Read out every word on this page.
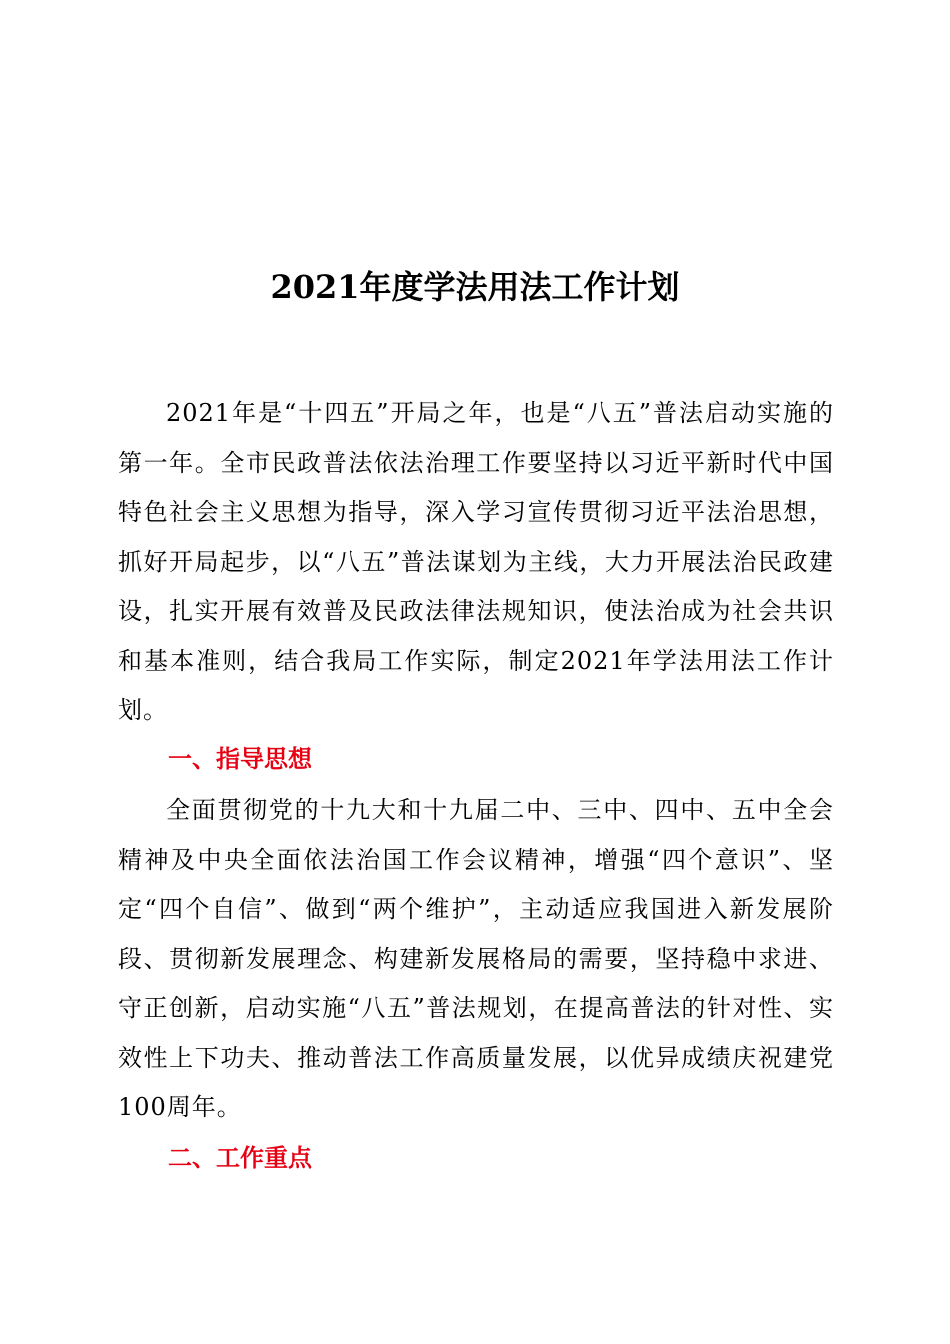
2021年度学法用法工作计划

2021年是“十四五”开局之年，也是“八五”普法启动实施的第一年。全市民政普法依法治理工作要坚持以习近平新时代中国特色社会主义思想为指导，深入学习宣传贯彻习近平法治思想，抓好开局起步，以“八五”普法谋划为主线，大力开展法治民政建设，扎实开展有效普及民政法律法规知识，使法治成为社会共识和基本准则，结合我局工作实际，制定2021年学法用法工作计划。

一、指导思想

全面贯彻党的十九大和十九届二中、三中、四中、五中全会精神及中央全面依法治国工作会议精神，增强“四个意识”、坚定“四个自信”、做到“两个维护”，主动适应我国进入新发展阶段、贯彻新发展理念、构建新发展格局的需要，坚持稳中求进、守正创新，启动实施“八五”普法规划，在提高普法的针对性、实效性上下功夫、推动普法工作高质量发展，以优异成绩庆祝建党100周年。

二、工作重点
